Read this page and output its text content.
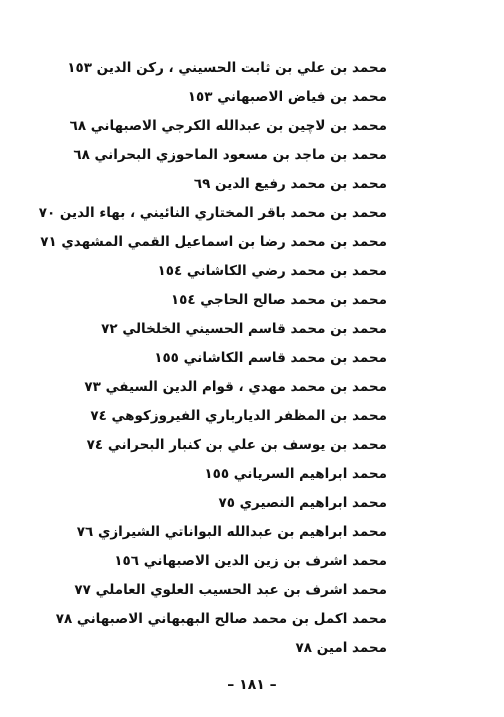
محمد بن علي بن ثابت الحسيني ، ركن الدين ١٥٣
محمد بن فياض الاصبهاني ١٥٣
محمد بن لاچين بن عبدالله الكرجي الاصبهاني ٦٨
محمد بن ماجد بن مسعود الماحوزي البحراني ٦٨
محمد بن محمد رفيع الدين ٦٩
محمد بن محمد باقر المختاري النائيني ، بهاء الدين ٧٠
محمد بن محمد رضا بن اسماعيل القمي المشهدي ٧١
محمد بن محمد رضي الكاشاني ١٥٤
محمد بن محمد صالح الحاجي ١٥٤
محمد بن محمد قاسم الحسيني الخلخالي ٧٢
محمد بن محمد قاسم الكاشاني ١٥٥
محمد بن محمد مهدي ، قوام الدين السيفي ٧٣
محمد بن المظفر الديارباري الفيروزكوهي ٧٤
محمد بن يوسف بن علي بن كنبار البحراني ٧٤
محمد ابراهيم السرياني ١٥٥
محمد ابراهيم النصيري ٧٥
محمد ابراهيم بن عبدالله البواناتي الشيرازي ٧٦
محمد اشرف بن زين الدين الاصبهاني ١٥٦
محمد اشرف بن عبد الحسيب العلوي العاملي ٧٧
محمد اكمل بن محمد صالح البهبهاني الاصبهاني ٧٨
محمد امين ٧٨
– ١٨١ –
